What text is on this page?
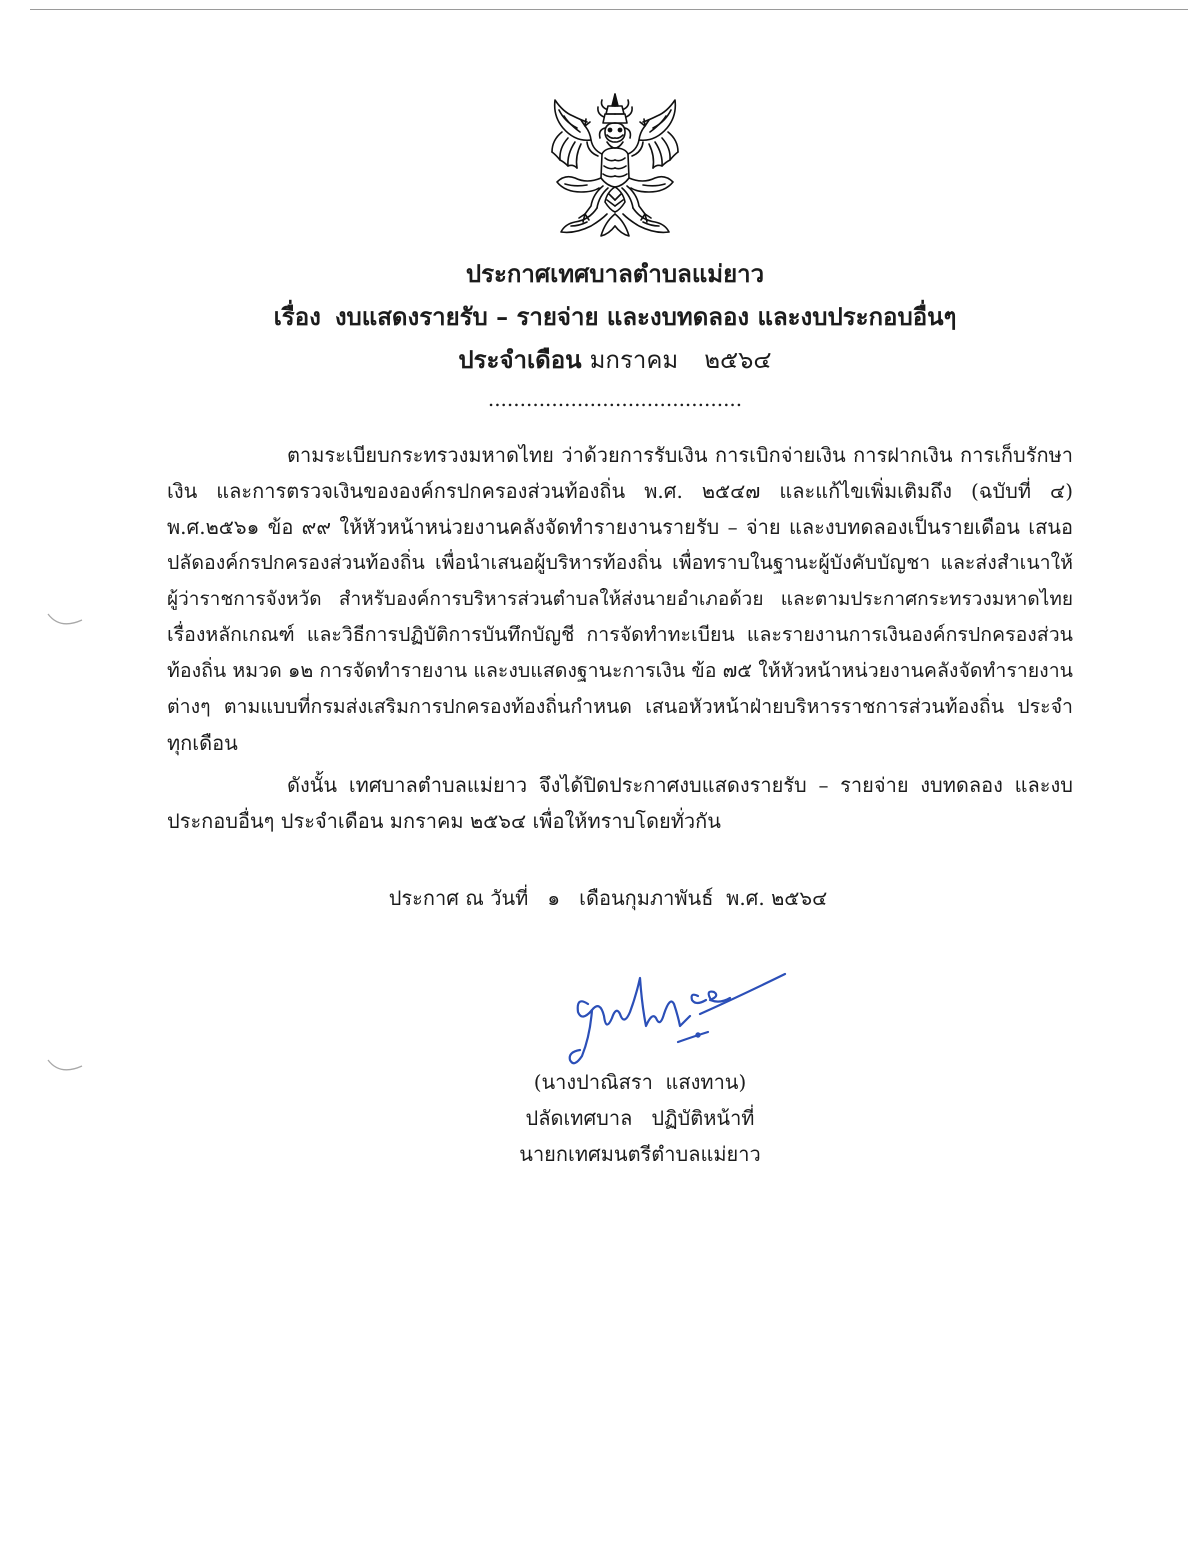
ประกาศเทศบาลตำบลแม่ยาว
เรื่อง งบแสดงรายรับ – รายจ่าย และงบทดลอง และงบประกอบอื่นๆ
ประจำเดือน มกราคม ๒๕๖๔
........................................
ตามระเบียบกระทรวงมหาดไทย ว่าด้วยการรับเงิน การเบิกจ่ายเงิน การฝากเงิน การเก็บรักษา
เงิน และการตรวจเงินขององค์กรปกครองส่วนท้องถิ่น พ.ศ. ๒๕๔๗ และแก้ไขเพิ่มเติมถึง (ฉบับที่ ๔)
พ.ศ.๒๕๖๑ ข้อ ๙๙ ให้หัวหน้าหน่วยงานคลังจัดทำรายงานรายรับ – จ่าย และงบทดลองเป็นรายเดือน เสนอ
ปลัดองค์กรปกครองส่วนท้องถิ่น เพื่อนำเสนอผู้บริหารท้องถิ่น เพื่อทราบในฐานะผู้บังคับบัญชา และส่งสำเนาให้
ผู้ว่าราชการจังหวัด สำหรับองค์การบริหารส่วนตำบลให้ส่งนายอำเภอด้วย และตามประกาศกระทรวงมหาดไทย
เรื่องหลักเกณฑ์ และวิธีการปฏิบัติการบันทึกบัญชี การจัดทำทะเบียน และรายงานการเงินองค์กรปกครองส่วน
ท้องถิ่น หมวด ๑๒ การจัดทำรายงาน และงบแสดงฐานะการเงิน ข้อ ๗๕ ให้หัวหน้าหน่วยงานคลังจัดทำรายงาน
ต่างๆ ตามแบบที่กรมส่งเสริมการปกครองท้องถิ่นกำหนด เสนอหัวหน้าฝ่ายบริหารราชการส่วนท้องถิ่น ประจำ
ทุกเดือน
ดังนั้น เทศบาลตำบลแม่ยาว จึงได้ปิดประกาศงบแสดงรายรับ – รายจ่าย งบทดลอง และงบ
ประกอบอื่นๆ ประจำเดือน มกราคม ๒๕๖๔ เพื่อให้ทราบโดยทั่วกัน
ประกาศ ณ วันที่   ๑   เดือนกุมภาพันธ์  พ.ศ. ๒๕๖๔
(นางปาณิสรา  แสงทาน)
ปลัดเทศบาล   ปฏิบัติหน้าที่
นายกเทศมนตรีตำบลแม่ยาว
